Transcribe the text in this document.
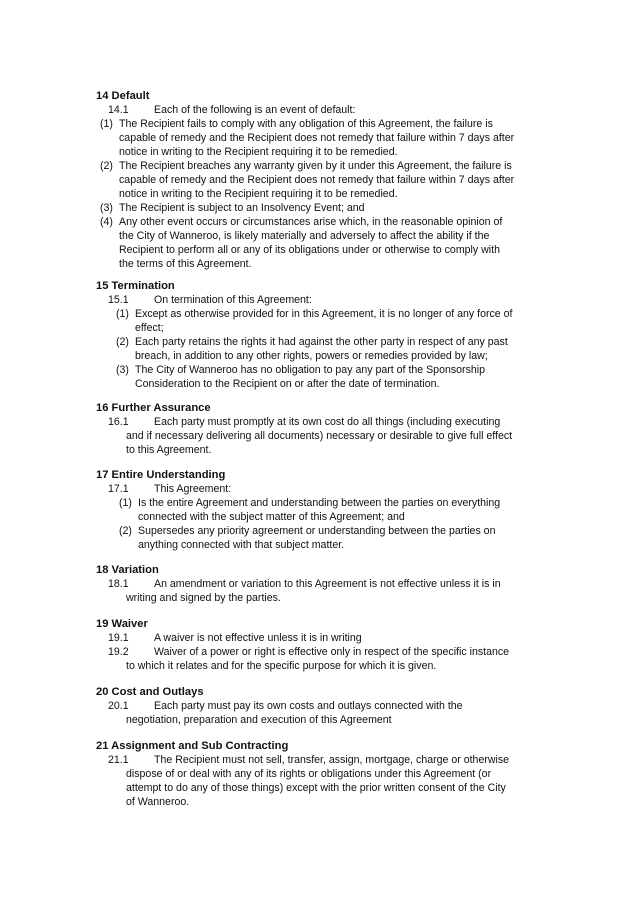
14 Default
14.1 Each of the following is an event of default:
(1) The Recipient fails to comply with any obligation of this Agreement, the failure is
capable of remedy and the Recipient does not remedy that failure within 7 days after
notice in writing to the Recipient requiring it to be remedied.
(2) The Recipient breaches any warranty given by it under this Agreement, the failure is
capable of remedy and the Recipient does not remedy that failure within 7 days after
notice in writing to the Recipient requiring it to be remedied.
(3) The Recipient is subject to an Insolvency Event; and
(4) Any other event occurs or circumstances arise which, in the reasonable opinion of
the City of Wanneroo, is likely materially and adversely to affect the ability if the
Recipient to perform all or any of its obligations under or otherwise to comply with
the terms of this Agreement.
15 Termination
15.1 On termination of this Agreement:
(1) Except as otherwise provided for in this Agreement, it is no longer of any force of
effect;
(2) Each party retains the rights it had against the other party in respect of any past
breach, in addition to any other rights, powers or remedies provided by law;
(3) The City of Wanneroo has no obligation to pay any part of the Sponsorship
Consideration to the Recipient on or after the date of termination.
16 Further Assurance
16.1 Each party must promptly at its own cost do all things (including executing
and if necessary delivering all documents) necessary or desirable to give full effect
to this Agreement.
17 Entire Understanding
17.1 This Agreement:
(1) Is the entire Agreement and understanding between the parties on everything
connected with the subject matter of this Agreement; and
(2) Supersedes any priority agreement or understanding between the parties on
anything connected with that subject matter.
18 Variation
18.1 An amendment or variation to this Agreement is not effective unless it is in
writing and signed by the parties.
19 Waiver
19.1 A waiver is not effective unless it is in writing
19.2 Waiver of a power or right is effective only in respect of the specific instance
to which it relates and for the specific purpose for which it is given.
20 Cost and Outlays
20.1 Each party must pay its own costs and outlays connected with the
negotiation, preparation and execution of this Agreement
21 Assignment and Sub Contracting
21.1 The Recipient must not sell, transfer, assign, mortgage, charge or otherwise
dispose of or deal with any of its rights or obligations under this Agreement (or
attempt to do any of those things) except with the prior written consent of the City
of Wanneroo.
